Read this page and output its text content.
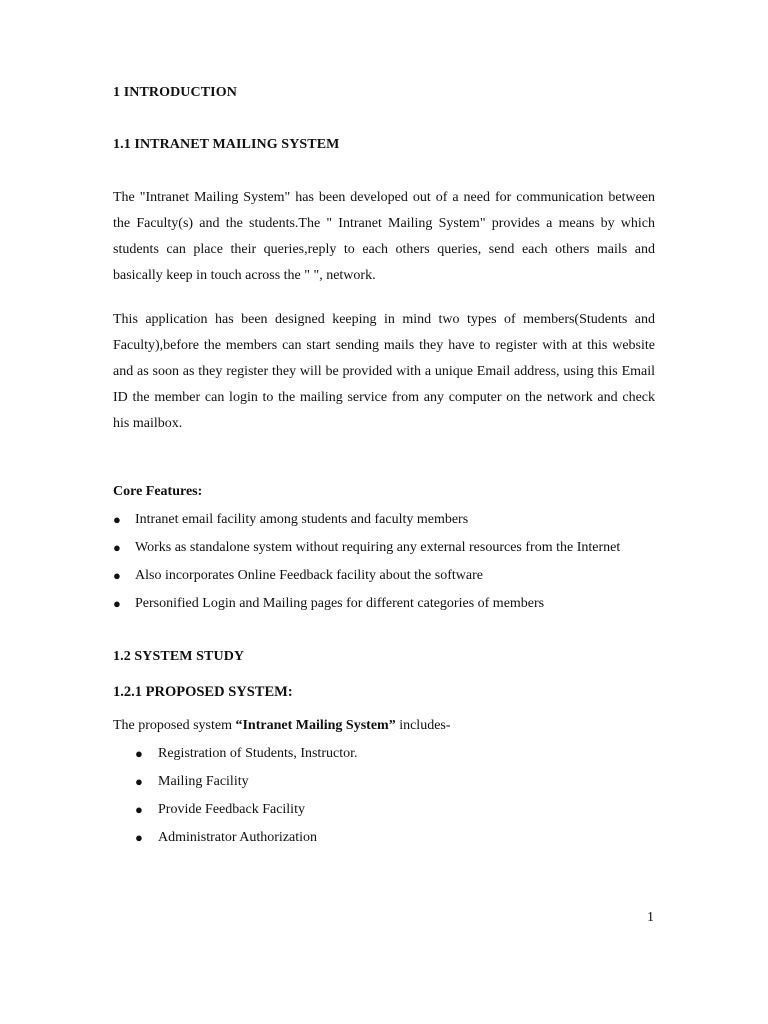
1 INTRODUCTION

1.1 INTRANET MAILING SYSTEM

The "Intranet Mailing System" has been developed out of a need for communication between the Faculty(s) and the students.The " Intranet Mailing System" provides a means by which students can place their queries,reply to each others queries, send each others mails and basically keep in touch across the " ", network.

This application has been designed keeping in mind two types of members(Students and Faculty),before the members can start sending mails they have to register with at this website and as soon as they register they will be provided with a unique Email address, using this Email ID the member can login to the mailing service from any computer on the network and check his mailbox.

Core Features:

● Intranet email facility among students and faculty members
● Works as standalone system without requiring any external resources from the Internet
● Also incorporates Online Feedback facility about the software
● Personified Login and Mailing pages for different categories of members

1.2 SYSTEM STUDY

1.2.1 PROPOSED SYSTEM:

The proposed system “Intranet Mailing System” includes-

● Registration of Students, Instructor.
● Mailing Facility
● Provide Feedback Facility
● Administrator Authorization

1
